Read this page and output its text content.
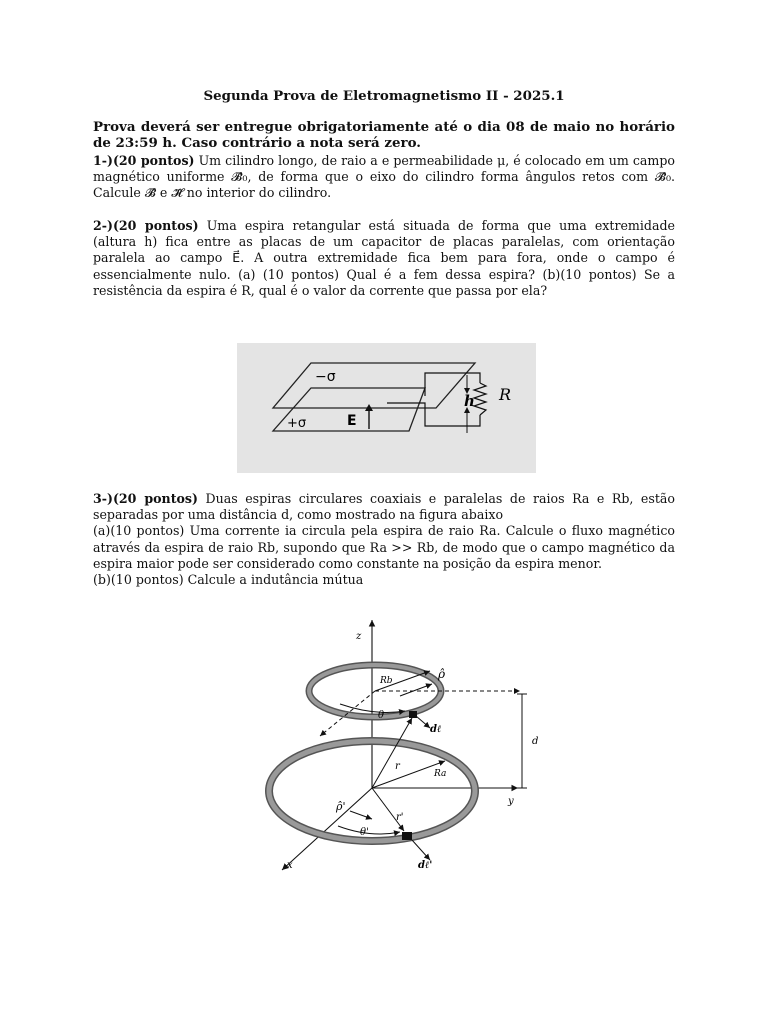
Segunda Prova de Eletromagnetismo II - 2025.1
Prova deverá ser entregue obrigatoriamente até o dia 08 de maio no horário de 23:59 h. Caso contrário a nota será zero.
1-)(20 pontos) Um cilindro longo, de raio a e permeabilidade μ, é colocado em um campo magnético uniforme 𝓑⃗₀, de forma que o eixo do cilindro forma ângulos retos com 𝓑⃗₀. Calcule 𝓑⃗ e 𝓗⃗ no interior do cilindro.
2-)(20 pontos) Uma espira retangular está situada de forma que uma extremidade (altura h) fica entre as placas de um capacitor de placas paralelas, com orientação paralela ao campo E⃗. A outra extremidade fica bem para fora, onde o campo é essencialmente nulo. (a) (10 pontos) Qual é a fem dessa espira? (b)(10 pontos) Se a resistência da espira é R, qual é o valor da corrente que passa por ela?
−σ
+σ	E
h R
3-)(20 pontos) Duas espiras circulares coaxiais e paralelas de raios Ra e Rb, estão separadas por uma distância d, como mostrado na figura abaixo
(a)(10 pontos) Uma corrente ia circula pela espira de raio Ra. Calcule o fluxo magnético através da espira de raio Rb, supondo que Ra >> Rb, de modo que o campo magnético da espira maior pode ser considerado como constante na posição da espira menor.
(b)(10 pontos) Calcule a indutância mútua
z
y
x
Rb	ρ̂
θ
dℓ
d
r
Ra
ρ̂'
r'
θ'
dℓ'
